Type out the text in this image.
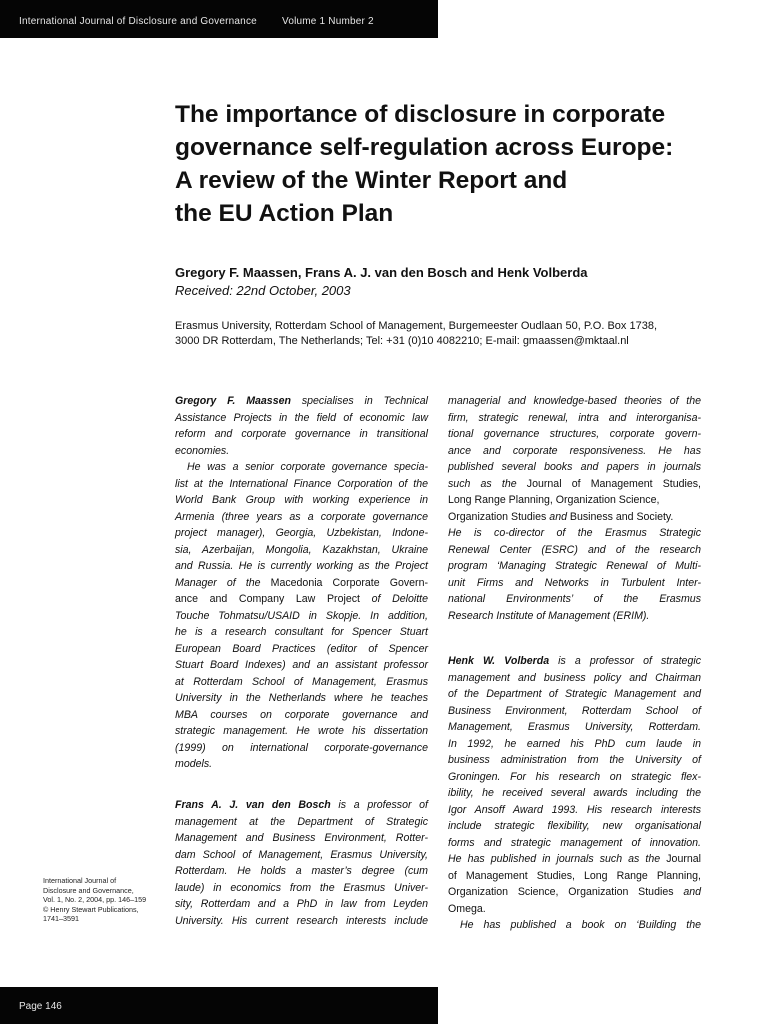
International Journal of Disclosure and Governance	Volume 1 Number 2
The importance of disclosure in corporate
governance self-regulation across Europe:
A review of the Winter Report and
the EU Action Plan
Gregory F. Maassen, Frans A. J. van den Bosch and Henk Volberda
Received: 22nd October, 2003
Erasmus University, Rotterdam School of Management, Burgemeester Oudlaan 50, P.O. Box 1738,
3000 DR Rotterdam, The Netherlands; Tel: +31 (0)10 4082210; E-mail: gmaassen@mktaal.nl
Gregory F. Maassen specialises in Technical
Assistance Projects in the field of economic law
reform and corporate governance in transitional
economies.
He was a senior corporate governance specia-
list at the International Finance Corporation of the
World Bank Group with working experience in
Armenia (three years as a corporate governance
project manager), Georgia, Uzbekistan, Indone-
sia, Azerbaijan, Mongolia, Kazakhstan, Ukraine
and Russia. He is currently working as the Project
Manager of the Macedonia Corporate Govern-
ance and Company Law Project of Deloitte
Touche Tohmatsu/USAID in Skopje. In addition,
he is a research consultant for Spencer Stuart
European Board Practices (editor of Spencer
Stuart Board Indexes) and an assistant professor
at Rotterdam School of Management, Erasmus
University in the Netherlands where he teaches
MBA courses on corporate governance and
strategic management. He wrote his dissertation
(1999) on international corporate-governance
models.
Frans A. J. van den Bosch is a professor of
management at the Department of Strategic
Management and Business Environment, Rotter-
dam School of Management, Erasmus University,
Rotterdam. He holds a master’s degree (cum
laude) in economics from the Erasmus Univer-
sity, Rotterdam and a PhD in law from Leyden
University. His current research interests include
managerial and knowledge-based theories of the
firm, strategic renewal, intra and interorganisa-
tional governance structures, corporate govern-
ance and corporate responsiveness. He has
published several books and papers in journals
such as the Journal of Management Studies,
Long Range Planning, Organization Science,
Organization Studies and Business and Society.
He is co-director of the Erasmus Strategic
Renewal Center (ESRC) and of the research
program ‘Managing Strategic Renewal of Multi-
unit Firms and Networks in Turbulent Inter-
national Environments’ of the Erasmus
Research Institute of Management (ERIM).
Henk W. Volberda is a professor of strategic
management and business policy and Chairman
of the Department of Strategic Management and
Business Environment, Rotterdam School of
Management, Erasmus University, Rotterdam.
In 1992, he earned his PhD cum laude in
business administration from the University of
Groningen. For his research on strategic flex-
ibility, he received several awards including the
Igor Ansoff Award 1993. His research interests
include strategic flexibility, new organisational
forms and strategic management of innovation.
He has published in journals such as the Journal
of Management Studies, Long Range Planning,
Organization Science, Organization Studies and
Omega.
He has published a book on ‘Building the
International Journal of
Disclosure and Governance,
Vol. 1, No. 2, 2004, pp. 146–159
© Henry Stewart Publications,
1741–3591
Page 146
